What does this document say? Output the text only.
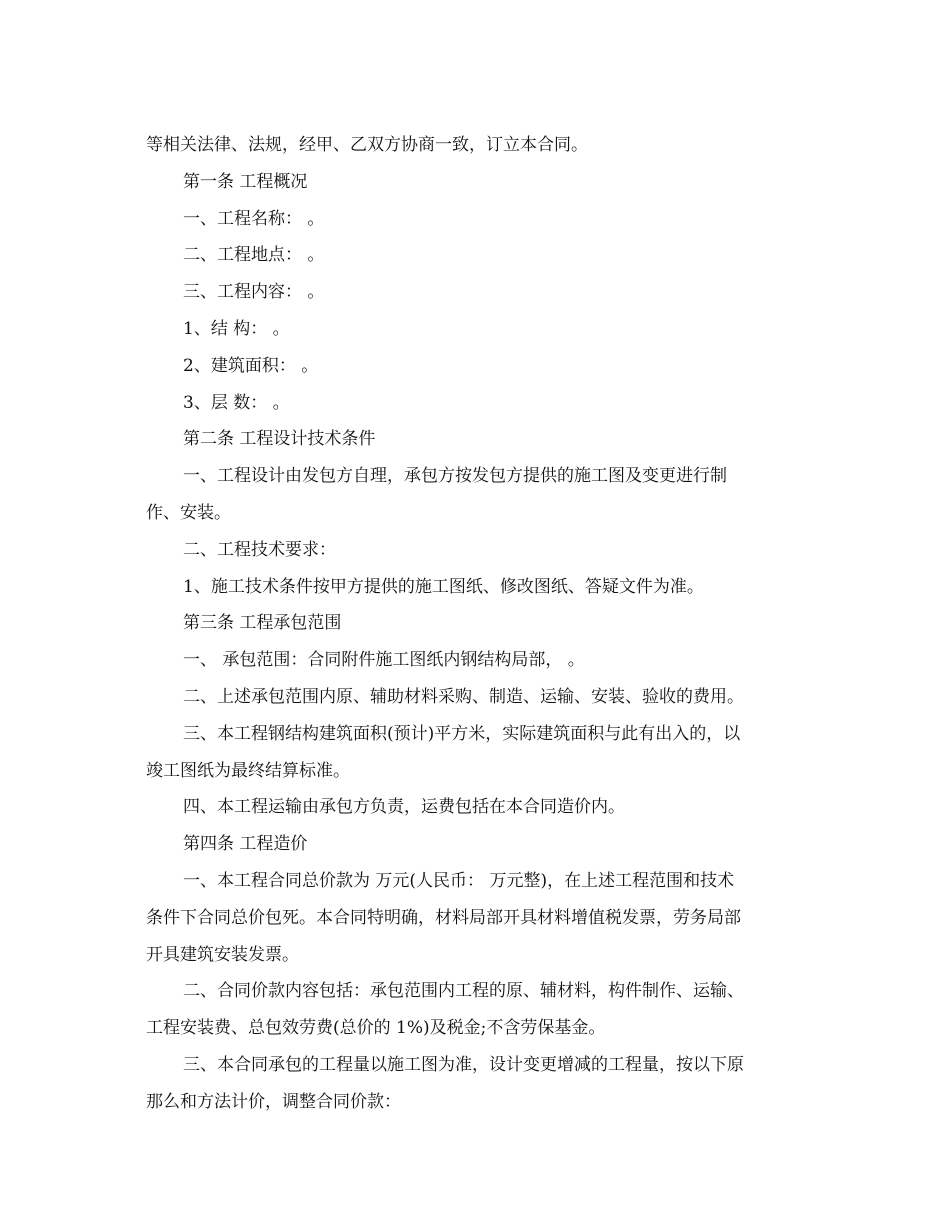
等相关法律、法规，经甲、乙双方协商一致，订立本合同。
第一条 工程概况
一、工程名称： 。
二、工程地点： 。
三、工程内容： 。
1、结 构： 。
2、建筑面积： 。
3、层 数： 。
第二条 工程设计技术条件
一、工程设计由发包方自理，承包方按发包方提供的施工图及变更进行制
作、安装。
二、工程技术要求：
1、施工技术条件按甲方提供的施工图纸、修改图纸、答疑文件为准。
第三条 工程承包范围
一、 承包范围：合同附件施工图纸内钢结构局部， 。
二、上述承包范围内原、辅助材料采购、制造、运输、安装、验收的费用。
三、本工程钢结构建筑面积(预计)平方米，实际建筑面积与此有出入的，以
竣工图纸为最终结算标准。
四、本工程运输由承包方负责，运费包括在本合同造价内。
第四条 工程造价
一、本工程合同总价款为 万元(人民币： 万元整)，在上述工程范围和技术
条件下合同总价包死。本合同特明确，材料局部开具材料增值税发票，劳务局部
开具建筑安装发票。
二、合同价款内容包括：承包范围内工程的原、辅材料，构件制作、运输、
工程安装费、总包效劳费(总价的 1%)及税金;不含劳保基金。
三、本合同承包的工程量以施工图为准，设计变更增减的工程量，按以下原
那么和方法计价，调整合同价款：
